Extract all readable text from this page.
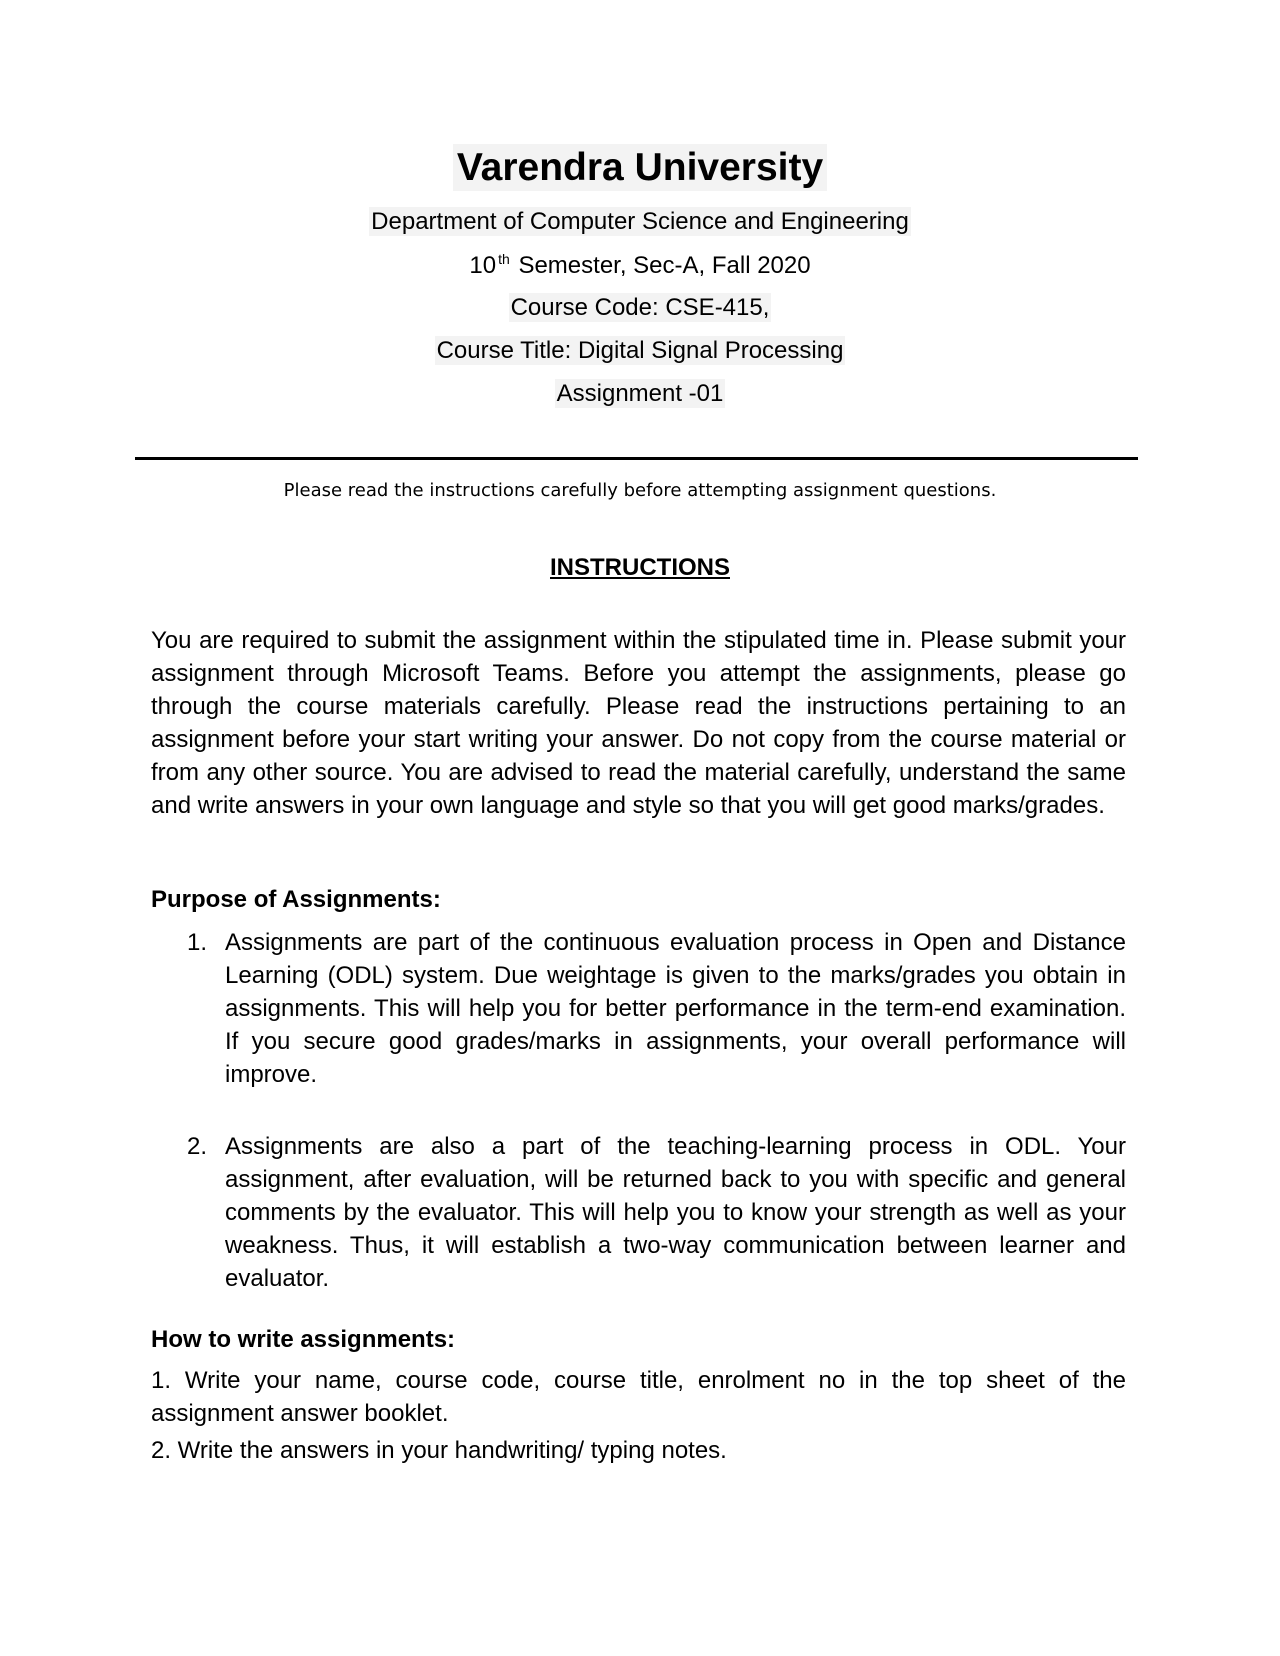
Varendra University
Department of Computer Science and Engineering
10 $^{th}$ Semester, Sec-A, Fall 2020
Course Code: CSE-415,
Course Title: Digital Signal Processing
Assignment -01
Please read the instructions carefully before attempting assignment questions.
INSTRUCTIONS
You are required to submit the assignment within the stipulated time in. Please submit your assignment through Microsoft Teams. Before you attempt the assignments, please go through the course materials carefully. Please read the instructions pertaining to an assignment before your start writing your answer. Do not copy from the course material or from any other source. You are advised to read the material carefully, understand the same and write answers in your own language and style so that you will get good marks/grades.
Purpose of Assignments:
1. Assignments are part of the continuous evaluation process in Open and Distance Learning (ODL) system. Due weightage is given to the marks/grades you obtain in assignments. This will help you for better performance in the term-end examination. If you secure good grades/marks in assignments, your overall performance will improve.
2. Assignments are also a part of the teaching-learning process in ODL. Your assignment, after evaluation, will be returned back to you with specific and general comments by the evaluator. This will help you to know your strength as well as your weakness. Thus, it will establish a two-way communication between learner and evaluator.
How to write assignments:
1. Write your name, course code, course title, enrolment no in the top sheet of the assignment answer booklet.
2. Write the answers in your handwriting/ typing notes.
